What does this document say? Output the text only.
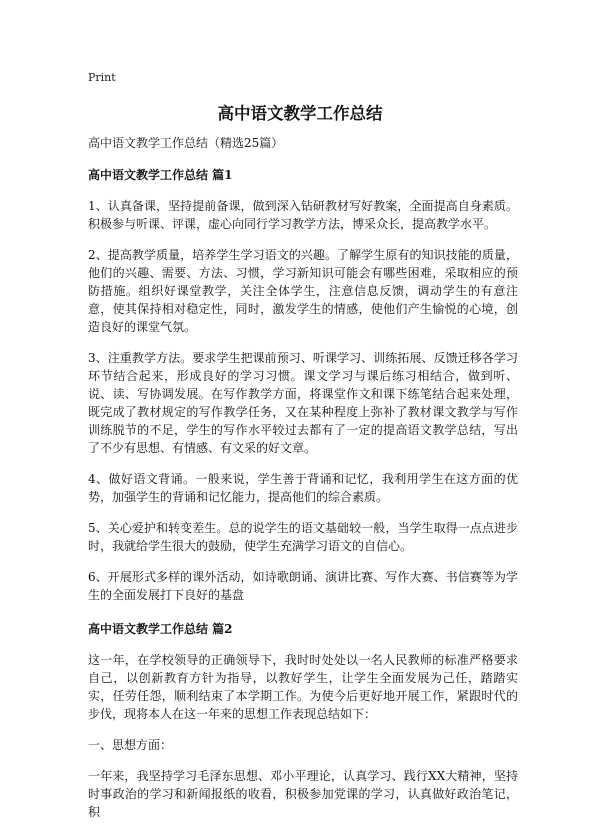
Print
高中语文教学工作总结
高中语文教学工作总结（精选25篇）
高中语文教学工作总结 篇1

1、认真备课，坚持提前备课，做到深入钻研教材写好教案，全面提高自身素质。积极参与听课、评课，虚心向同行学习教学方法，博采众长，提高教学水平。

2、提高教学质量，培养学生学习语文的兴趣。了解学生原有的知识技能的质量，他们的兴趣、需要、方法、习惯，学习新知识可能会有哪些困难，采取相应的预防措施。组织好课堂教学，关注全体学生，注意信息反馈，调动学生的有意注意，使其保持相对稳定性，同时，激发学生的情感，使他们产生愉悦的心境，创造良好的课堂气氛。

3、注重教学方法。要求学生把课前预习、听课学习、训练拓展、反馈迁移各学习环节结合起来，形成良好的学习习惯。课文学习与课后练习相结合，做到听、说、读、写协调发展。在写作教学方面，将课堂作文和课下练笔结合起来处理，既完成了教材规定的写作教学任务，又在某种程度上弥补了教材课文教学与写作训练脱节的不足，学生的写作水平较过去都有了一定的提高语文教学总结，写出了不少有思想、有情感、有文采的好文章。

4、做好语文背诵。一般来说，学生善于背诵和记忆，我利用学生在这方面的优势，加强学生的背诵和记忆能力，提高他们的综合素质。

5、关心爱护和转变差生。总的说学生的语文基础较一般，当学生取得一点点进步时，我就给学生很大的鼓励，使学生充满学习语文的自信心。

6、开展形式多样的课外活动，如诗歌朗诵、演讲比赛、写作大赛、书信赛等为学生的全面发展打下良好的基盘

高中语文教学工作总结 篇2

这一年，在学校领导的正确领导下，我时时处处以一名人民教师的标准严格要求自己，以创新教育方针为指导，以教好学生，让学生全面发展为己任，踏踏实实，任劳任怨，顺利结束了本学期工作。为使今后更好地开展工作，紧跟时代的步伐，现将本人在这一年来的思想工作表现总结如下：

一、思想方面：

一年来，我坚持学习毛泽东思想、邓小平理论，认真学习、践行XX大精神，坚持时事政治的学习和新闻报纸的收看，积极参加党课的学习，认真做好政治笔记，积
